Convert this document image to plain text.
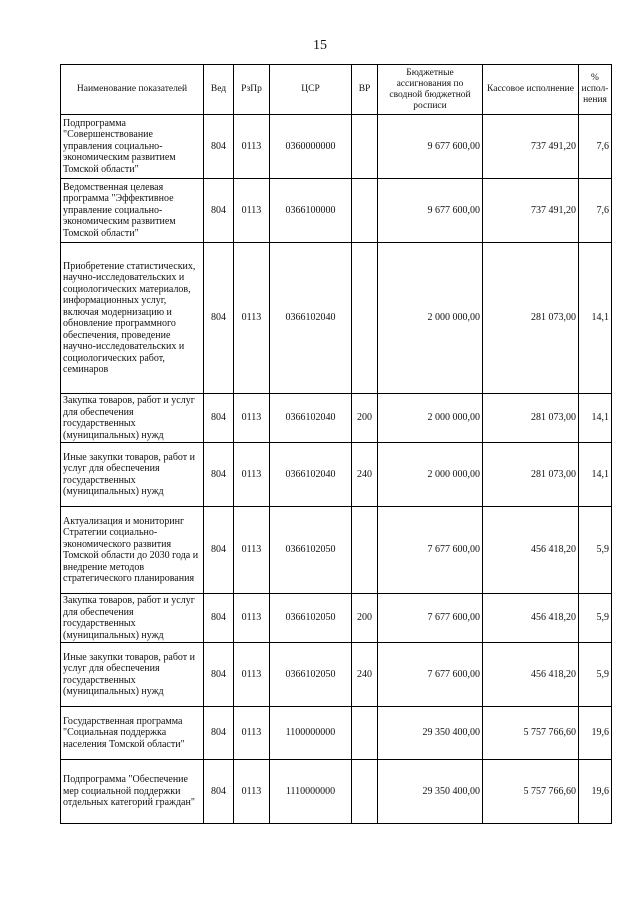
15
Наименование показателей	Вед	РзПр	ЦСР	ВР	Бюджетные ассигнования по сводной бюджетной росписи	Кассовое исполнение	% испол-нения
Подпрограмма "Совершенствование управления социально-экономическим развитием Томской области"	804	0113	0360000000		9 677 600,00	737 491,20	7,6
Ведомственная целевая программа "Эффективное управление социально-экономическим развитием Томской области"	804	0113	0366100000		9 677 600,00	737 491,20	7,6
Приобретение статистических, научно-исследовательских и социологических материалов, информационных услуг, включая модернизацию и обновление программного обеспечения, проведение научно-исследовательских и социологических работ, семинаров	804	0113	0366102040		2 000 000,00	281 073,00	14,1
Закупка товаров, работ и услуг для обеспечения государственных (муниципальных) нужд	804	0113	0366102040	200	2 000 000,00	281 073,00	14,1
Иные закупки товаров, работ и услуг для обеспечения государственных (муниципальных) нужд	804	0113	0366102040	240	2 000 000,00	281 073,00	14,1
Актуализация и мониторинг Стратегии социально-экономического развития Томской области до 2030 года и внедрение методов стратегического планирования	804	0113	0366102050		7 677 600,00	456 418,20	5,9
Закупка товаров, работ и услуг для обеспечения государственных (муниципальных) нужд	804	0113	0366102050	200	7 677 600,00	456 418,20	5,9
Иные закупки товаров, работ и услуг для обеспечения государственных (муниципальных) нужд	804	0113	0366102050	240	7 677 600,00	456 418,20	5,9
Государственная программа "Социальная поддержка населения Томской области"	804	0113	1100000000		29 350 400,00	5 757 766,60	19,6
Подпрограмма "Обеспечение мер социальной поддержки отдельных категорий граждан"	804	0113	1110000000		29 350 400,00	5 757 766,60	19,6
